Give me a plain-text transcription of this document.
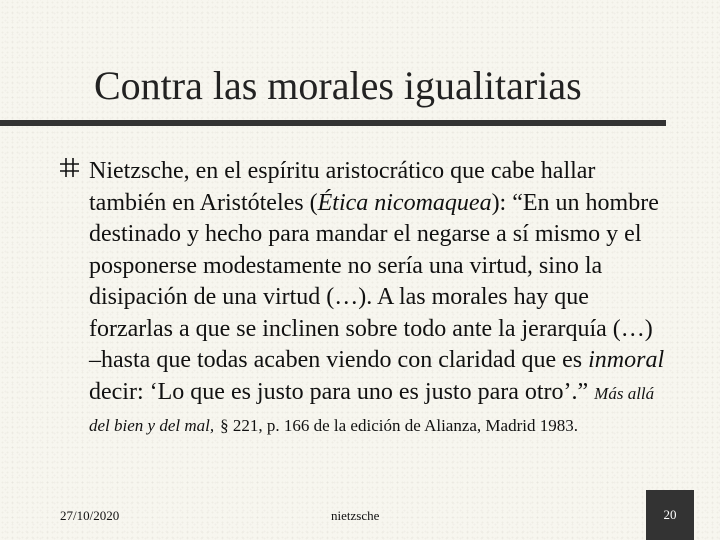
Contra las morales igualitarias
Nietzsche, en el espíritu aristocrático que cabe hallar también en Aristóteles (Ética nicomaquea): “En un hombre destinado y hecho para mandar el negarse a sí mismo y el posponerse modestamente no sería una virtud, sino la disipación de una virtud (…). A las morales hay que forzarlas a que se inclinen sobre todo ante la jerarquía (…) –hasta que todas acaben viendo con claridad que es inmoral decir: ‘Lo que es justo para uno es justo para otro’.” Más allá del bien y del mal, § 221, p. 166 de la edición de Alianza, Madrid 1983.
27/10/2020	nietzsche	20
